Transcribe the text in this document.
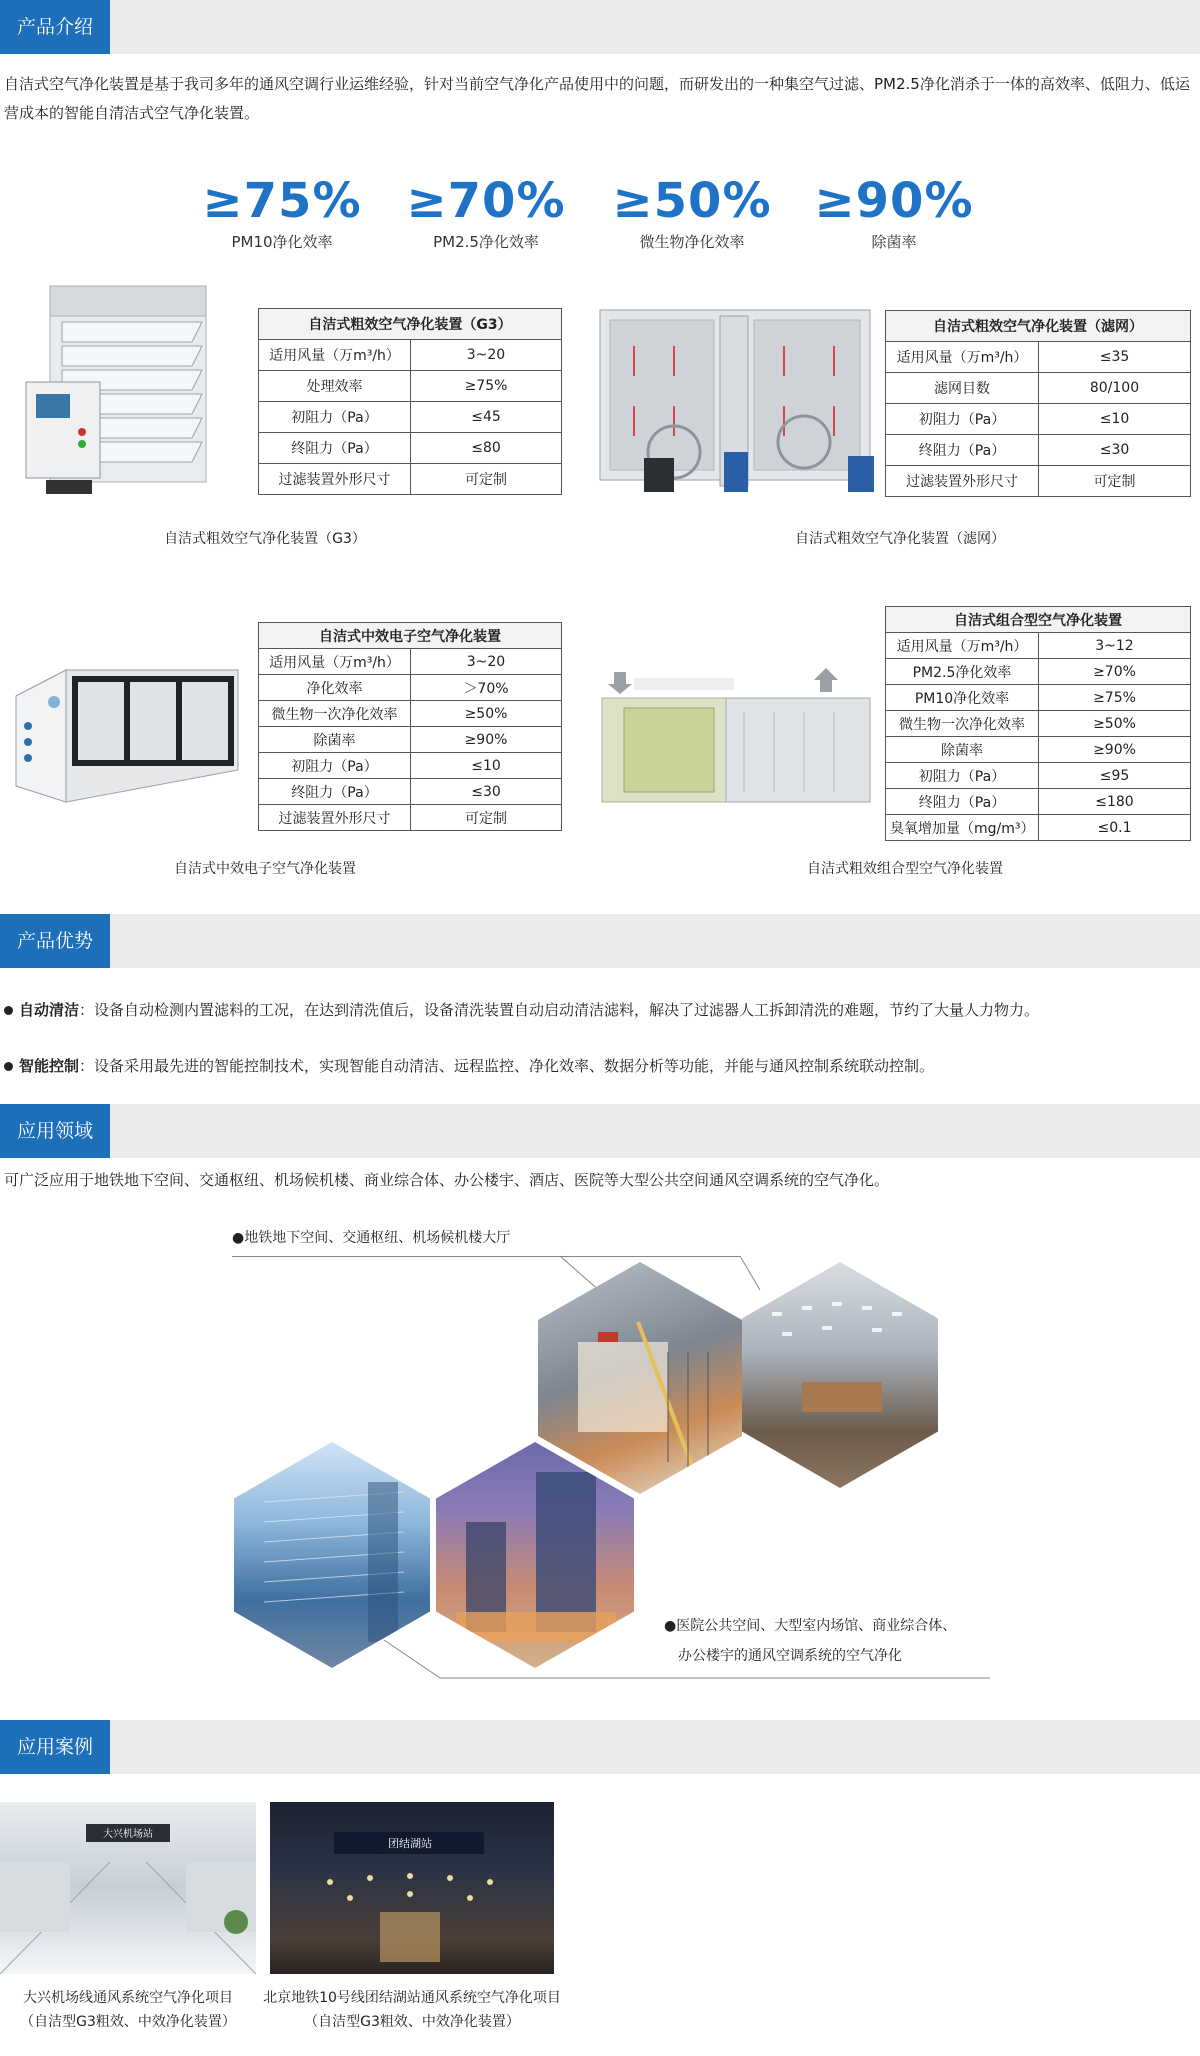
产品介绍
自洁式空气净化装置是基于我司多年的通风空调行业运维经验，针对当前空气净化产品使用中的问题，而研发出的一种集空气过滤、PM2.5净化消杀于一体的高效率、低阻力、低运营成本的智能自清洁式空气净化装置。
≥75%
PM10净化效率
≥70%
PM2.5净化效率
≥50%
微生物净化效率
≥90%
除菌率
自洁式粗效空气净化装置（G3）	
适用风量（万m³/h）	3~20
处理效率	≥75%
初阻力（Pa）	≤45
终阻力（Pa）	≤80
过滤装置外形尺寸	可定制
自洁式粗效空气净化装置（G3）
自洁式粗效空气净化装置（滤网）	
适用风量（万m³/h）	≤35
滤网目数	80/100
初阻力（Pa）	≤10
终阻力（Pa）	≤30
过滤装置外形尺寸	可定制
自洁式粗效空气净化装置（滤网）
自洁式中效电子空气净化装置	
适用风量（万m³/h）	3~20
净化效率	＞70%
微生物一次净化效率	≥50%
除菌率	≥90%
初阻力（Pa）	≤10
终阻力（Pa）	≤30
过滤装置外形尺寸	可定制
自洁式中效电子空气净化装置
自洁式组合型空气净化装置	
适用风量（万m³/h）	3~12
PM2.5净化效率	≥70%
PM10净化效率	≥75%
微生物一次净化效率	≥50%
除菌率	≥90%
初阻力（Pa）	≤95
终阻力（Pa）	≤180
臭氧增加量（mg/m³）	≤0.1
自洁式粗效组合型空气净化装置
产品优势
自动清洁：设备自动检测内置滤料的工况，在达到清洗值后，设备清洗装置自动启动清洁滤料，解决了过滤器人工拆卸清洗的难题，节约了大量人力物力。
智能控制：设备采用最先进的智能控制技术，实现智能自动清洁、远程监控、净化效率、数据分析等功能，并能与通风控制系统联动控制。
应用领域
可广泛应用于地铁地下空间、交通枢纽、机场候机楼、商业综合体、办公楼宇、酒店、医院等大型公共空间通风空调系统的空气净化。
●地铁地下空间、交通枢纽、机场候机楼大厅
●医院公共空间、大型室内场馆、商业综合体、
办公楼宇的通风空调系统的空气净化
应用案例
大兴机场站
团结湖站
大兴机场线通风系统空气净化项目
（自洁型G3粗效、中效净化装置）
北京地铁10号线团结湖站通风系统空气净化项目
（自洁型G3粗效、中效净化装置）
